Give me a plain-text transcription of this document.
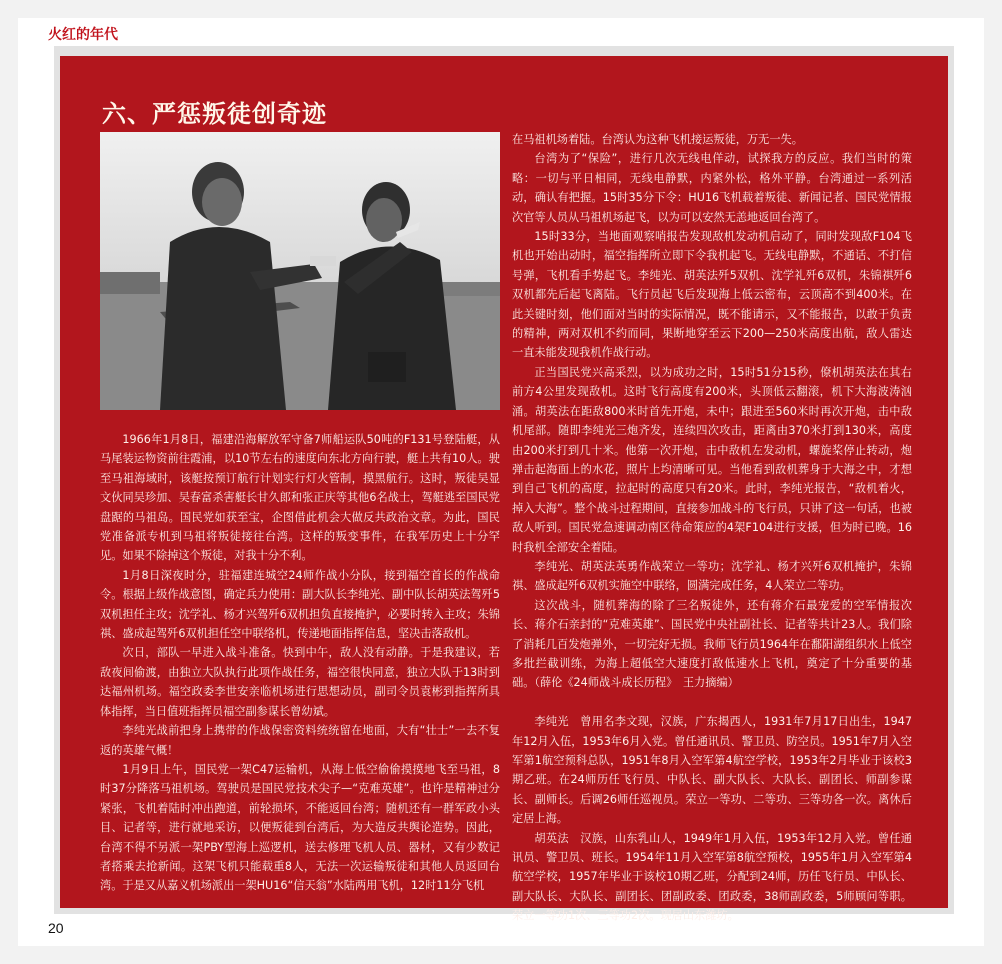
火红的年代
六、严惩叛徒创奇迹

1966年1月8日，福建沿海解放军守备7师船运队50吨的F131号登陆艇，从马尾装运物资前往霞浦，以10节左右的速度向东北方向行驶，艇上共有10人。驶至马祖海域时，该艇按预订航行计划实行灯火管制，摸黑航行。这时，叛徒吴显文伙同吴珍加、吴春富杀害艇长甘久郎和张正庆等其他6名战士，驾艇逃至国民党盘踞的马祖岛。国民党如获至宝，企图借此机会大做反共政治文章。为此，国民党准备派专机到马祖将叛徒接往台湾。这样的叛变事件，在我军历史上十分罕见。如果不除掉这个叛徒，对我十分不利。

1月8日深夜时分，驻福建连城空24师作战小分队，接到福空首长的作战命令。根据上级作战意图，确定兵力使用：副大队长李纯光、副中队长胡英法驾歼5双机担任主攻；沈学礼、杨才兴驾歼6双机担负直接掩护，必要时转入主攻；朱锦祺、盛成起驾歼6双机担任空中联络机，传递地面指挥信息，坚决击落敌机。

次日，部队一早进入战斗准备。快到中午，敌人没有动静。于是我建议，若敌夜间偷渡，由独立大队执行此项作战任务，福空很快同意，独立大队于13时到达福州机场。福空政委李世安亲临机场进行思想动员，副司令员袁彬到指挥所具体指挥，当日值班指挥员福空副参谋长曾幼斌。

李纯光战前把身上携带的作战保密资料统统留在地面，大有“壮士”一去不复返的英雄气概！

1月9日上午，国民党一架C47运输机，从海上低空偷偷摸摸地飞至马祖，8时37分降落马祖机场。驾驶员是国民党技术尖子—“克难英雄”。也许是精神过分紧张，飞机着陆时冲出跑道，前轮损坏，不能返回台湾；随机还有一群军政小头目、记者等，进行就地采访，以便叛徒到台湾后，为大造反共舆论造势。因此，台湾不得不另派一架PBY型海上巡逻机，送去修理飞机人员、器材，又有少数记者搭乘去抢新闻。这架飞机只能载重8人，无法一次运输叛徒和其他人员返回台湾。于是又从嘉义机场派出一架HU16“信天翁”水陆两用飞机，12时11分飞机

在马祖机场着陆。台湾认为这种飞机接运叛徒，万无一失。

台湾为了“保险”，进行几次无线电佯动，试探我方的反应。我们当时的策略：一切与平日相同，无线电静默，内紧外松，格外平静。台湾通过一系列活动，确认有把握。15时35分下令：HU16飞机载着叛徒、新闻记者、国民党情报次官等人员从马祖机场起飞，以为可以安然无恙地返回台湾了。

15时33分，当地面观察哨报告发现敌机发动机启动了，同时发现敌F104飞机也开始出动时，福空指挥所立即下令我机起飞。无线电静默，不通话、不打信号弹，飞机看手势起飞。李纯光、胡英法歼5双机、沈学礼歼6双机，朱锦祺歼6双机都先后起飞离陆。飞行员起飞后发现海上低云密布，云顶高不到400米。在此关键时刻，他们面对当时的实际情况，既不能请示，又不能报告，以敢于负责的精神，两对双机不约而同，果断地穿至云下200—250米高度出航，敌人雷达一直未能发现我机作战行动。

正当国民党兴高采烈，以为成功之时，15时51分15秒，僚机胡英法在其右前方4公里发现敌机。这时飞行高度有200米，头顶低云翻滚，机下大海波涛汹涌。胡英法在距敌800米时首先开炮，未中；跟进至560米时再次开炮，击中敌机尾部。随即李纯光三炮齐发，连续四次攻击，距离由370米打到130米，高度由200米打到几十米。他第一次开炮，击中敌机左发动机，螺旋桨停止转动，炮弹击起海面上的水花，照片上均清晰可见。当他看到敌机葬身于大海之中，才想到自己飞机的高度，拉起时的高度只有20米。此时，李纯光报告，“敌机着火，掉入大海”。整个战斗过程期间，直接参加战斗的飞行员，只讲了这一句话，也被敌人听到。国民党急速调动南区待命策应的4架F104进行支援，但为时已晚。16时我机全部安全着陆。

李纯光、胡英法英勇作战荣立一等功；沈学礼、杨才兴歼6双机掩护，朱锦祺、盛成起歼6双机实施空中联络，圆满完成任务，4人荣立二等功。

这次战斗，随机葬海的除了三名叛徒外，还有蒋介石最宠爱的空军情报次长、蒋介石亲封的“克难英雄”、国民党中央社副社长、记者等共计23人。我们除了消耗几百发炮弹外，一切完好无损。我师飞行员1964年在鄱阳湖组织水上低空多批拦截训练，为海上超低空大速度打敌低速水上飞机，奠定了十分重要的基础。（薛伦《24师战斗成长历程》　王力摘编）

李纯光　曾用名李文现，汉族，广东揭西人，1931年7月17日出生，1947年12月入伍，1953年6月入党。曾任通讯员、警卫员、防空员。1951年7月入空军第1航空预科总队，1951年8月入空军第4航空学校，1953年2月毕业于该校3期乙班。在24师历任飞行员、中队长、副大队长、大队长、副团长、师副参谋长、副师长。后调26师任巡视员。荣立一等功、二等功、三等功各一次。离休后定居上海。

胡英法　汉族，山东乳山人，1949年1月入伍，1953年12月入党。曾任通讯员、警卫员、班长。1954年11月入空军第8航空预校，1955年1月入空军第4航空学校，1957年毕业于该校10期乙班，分配到24师，历任飞行员、中队长、副大队长、大队长、副团长、团副政委、团政委，38师副政委，5师顾问等职。荣立一等功1次、三等功2次。现居山东潍坊。

20
